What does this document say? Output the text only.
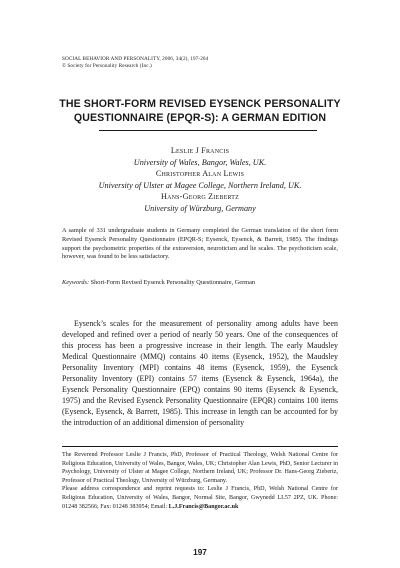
SOCIAL BEHAVIOR AND PERSONALITY, 2006, 34(2), 197-204
© Society for Personality Research (Inc.)
THE SHORT-FORM REVISED EYSENCK PERSONALITY
QUESTIONNAIRE (EPQR-S): A GERMAN EDITION
Leslie J Francis
University of Wales, Bangor, Wales, UK.
Christopher Alan Lewis
University of Ulster at Magee College, Northern Ireland, UK.
Hans-Georg Ziebertz
University of Würzburg, Germany
A sample of 331 undergraduate students in Germany completed the German translation of the short form Revised Eysenck Personality Questionnaire (EPQR-S; Eysenck, Eysenck, & Barrett, 1985). The findings support the psychometric properties of the extraversion, neuroticism and lie scales. The psychoticism scale, however, was found to be less satisfactory.
Keywords: Short-Form Revised Eysenck Personality Questionnaire, German

Eysenck’s scales for the measurement of personality among adults have been developed and refined over a period of nearly 50 years. One of the consequences of this process has been a progressive increase in their length. The early Maudsley Medical Questionnaire (MMQ) contains 40 items (Eysenck, 1952), the Maudsley Personality Inventory (MPI) contains 48 items (Eysenck, 1959), the Eysenck Personality Inventory (EPI) contains 57 items (Eysenck & Eysenck, 1964a), the Eysenck Personality Questionnaire (EPQ) contains 90 items (Eysenck & Eysenck, 1975) and the Revised Eysenck Personality Questionnaire (EPQR) contains 100 items (Eysenck, Eysenck, & Barrett, 1985). This increase in length can be accounted for by the introduction of an additional dimension of personality

The Reverend Professor Leslie J Francis, PhD, Professor of Practical Theology, Welsh National Centre for Religious Education, University of Wales, Bangor, Wales, UK; Christopher Alan Lewis, PhD, Senior Lecturer in Psychology, University of Ulster at Magee College, Northern Ireland, UK; Professor Dr. Hans-Georg Ziebertz, Professor of Practical Theology, University of Würzburg, Germany.

Please address correspondence and reprint requests to: Leslie J Francis, PhD, Welsh National Centre for Religious Education, University of Wales, Bangor, Normal Site, Bangor, Gwynedd LL57 2PZ, UK. Phone: 01248 382566; Fax: 01248 383954; Email: L.J.Francis@Bangor.ac.uk

197
